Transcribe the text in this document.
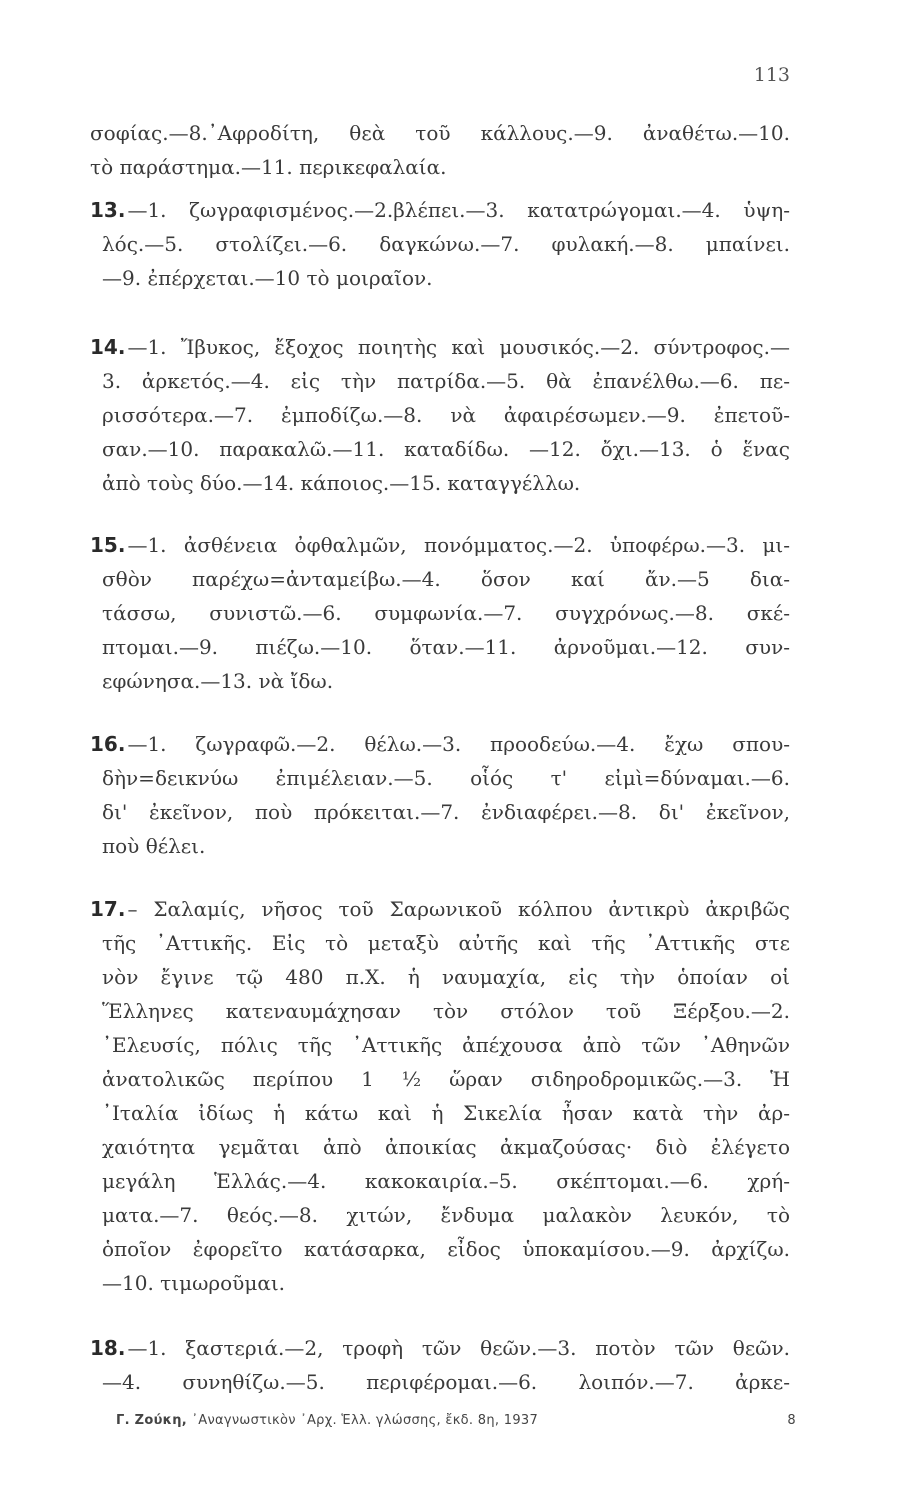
113
σοφίας.—8.᾿Αφροδίτη, θεὰ τοῦ κάλλους.—9. ἀναθέτω.—10.
τὸ παράστημα.—11. περικεφαλαία.
13. —1. ζωγραφισμένος.—2.βλέπει.—3. κατατρώγομαι.—4. ὑψη-
λός.—5. στολίζει.—6. δαγκώνω.—7. φυλακή.—8. μπαίνει.
—9. ἐπέρχεται.—10 τὸ μοιραῖον.
14. —1. Ἴβυκος, ἔξοχος ποιητὴς καὶ μουσικός.—2. σύντροφος.—
3. ἀρκετός.—4. εἰς τὴν πατρίδα.—5. θὰ ἐπανέλθω.—6. πε-
ρισσότερα.—7. ἐμποδίζω.—8. νὰ ἀφαιρέσωμεν.—9. ἐπετοῦ-
σαν.—10. παρακαλῶ.—11. καταδίδω. —12. ὄχι.—13. ὁ ἕνας
ἀπὸ τοὺς δύο.—14. κάποιος.—15. καταγγέλλω.
15. —1. ἀσθένεια ὀφθαλμῶν, πονόμματος.—2. ὑποφέρω.—3. μι-
σθὸν παρέχω=ἀνταμείβω.—4. ὅσον καί ἄν.—5 δια-
τάσσω, συνιστῶ.—6. συμφωνία.—7. συγχρόνως.—8. σκέ-
πτομαι.—9. πιέζω.—10. ὅταν.—11. ἀρνοῦμαι.—12. συν-
εφώνησα.—13. νὰ ἴδω.
16. —1. ζωγραφῶ.—2. θέλω.—3. προοδεύω.—4. ἔχω σπου-
δὴν=δεικνύω ἐπιμέλειαν.—5. οἷός τ' εἰμὶ=δύναμαι.—6.
δι' ἐκεῖνον, ποὺ πρόκειται.—7. ἐνδιαφέρει.—8. δι' ἐκεῖνον,
ποὺ θέλει.
17. – Σαλαμίς, νῆσος τοῦ Σαρωνικοῦ κόλπου ἀντικρὺ ἀκριβῶς
τῆς ᾿Αττικῆς. Εἰς τὸ μεταξὺ αὐτῆς καὶ τῆς ᾿Αττικῆς στε
νὸν ἔγινε τῷ 480 π.Χ. ἡ ναυμαχία, εἰς τὴν ὁποίαν οἱ
Ἕλληνες κατεναυμάχησαν τὸν στόλον τοῦ Ξέρξου.—2.
᾿Ελευσίς, πόλις τῆς ᾿Αττικῆς ἀπέχουσα ἀπὸ τῶν ᾿Αθηνῶν
ἀνατολικῶς περίπου 1 ½ ὥραν σιδηροδρομικῶς.—3. Ἡ
᾿Ιταλία ἰδίως ἡ κάτω καὶ ἡ Σικελία ἦσαν κατὰ τὴν ἀρ-
χαιότητα γεμᾶται ἀπὸ ἀποικίας ἀκμαζούσας· διὸ ἐλέγετο
μεγάλη Ἑλλάς.—4. κακοκαιρία.–5. σκέπτομαι.—6. χρή-
ματα.—7. θεός.—8. χιτών, ἔνδυμα μαλακὸν λευκόν, τὸ
ὁποῖον ἐφορεῖτο κατάσαρκα, εἶδος ὑποκαμίσου.—9. ἀρχίζω.
—10. τιμωροῦμαι.
18. —1. ξαστεριά.—2, τροφὴ τῶν θεῶν.—3. ποτὸν τῶν θεῶν.
—4. συνηθίζω.—5. περιφέρομαι.—6. λοιπόν.—7. ἀρκε-
Γ. Ζούκη, ᾿Αναγνωστικὸν ᾿Αρχ. Ἑλλ. γλώσσης, ἔκδ. 8η, 1937	8
